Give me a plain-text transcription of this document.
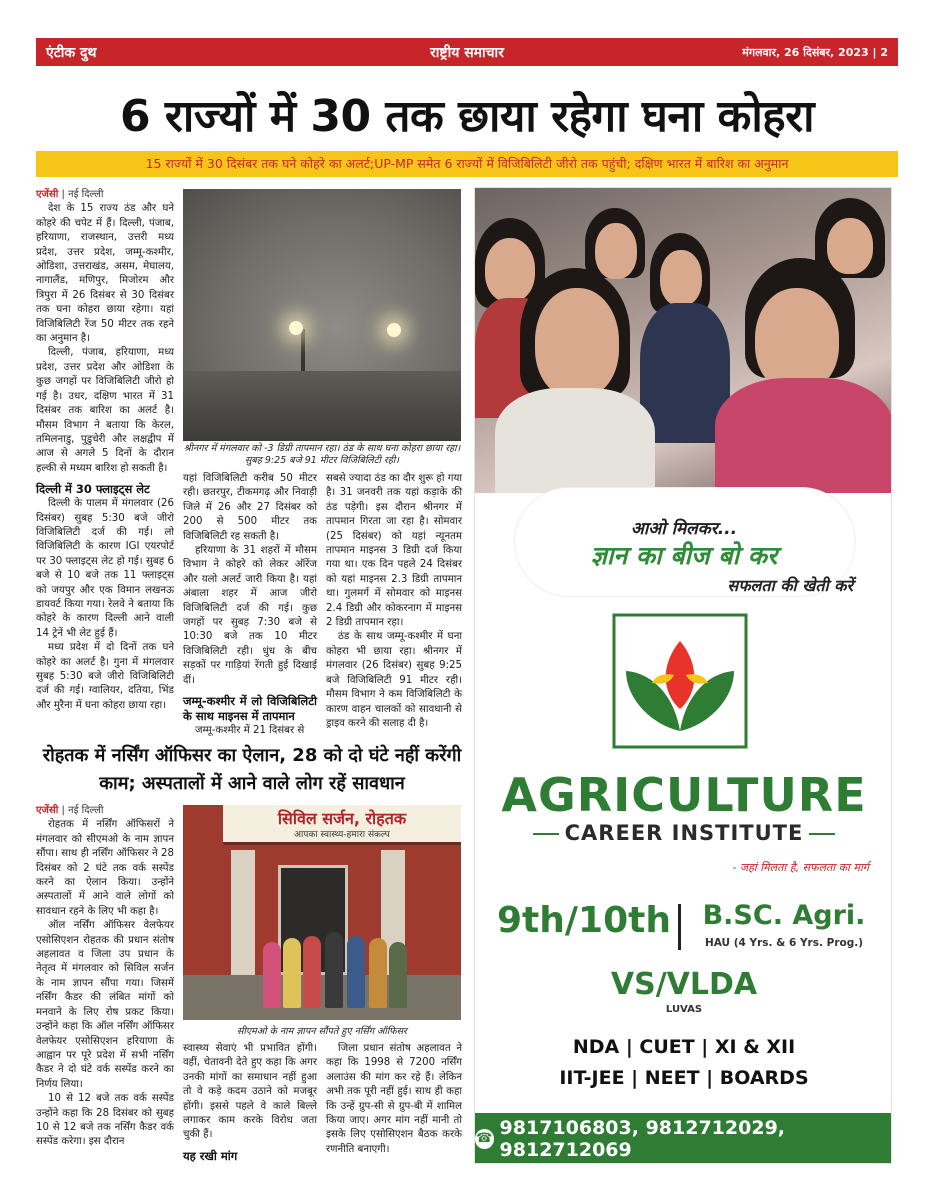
एंटीक दुथ	राष्ट्रीय समाचार	मंगलवार, 26 दिसंबर, 2023 | 2
6 राज्यों में 30 तक छाया रहेगा घना कोहरा
15 राज्यों में 30 दिसंबर तक घने कोहरे का अलर्ट;UP-MP समेत 6 राज्यों में विजिबिलिटी जीरो तक पहुंची; दक्षिण भारत में बारिश का अनुमान

एजेंसी | नई दिल्ली

देश के 15 राज्य ठंड और घने कोहरे की चपेट में हैं। दिल्ली, पंजाब, हरियाणा, राजस्थान, उत्तरी मध्य प्रदेश, उत्तर प्रदेश, जम्मू-कश्मीर, ओडिशा, उत्तराखंड, असम, मेघालय, नागालैंड, मणिपुर, मिजोरम और त्रिपुरा में 26 दिसंबर से 30 दिसंबर तक घना कोहरा छाया रहेगा। यहां विजिबिलिटी रेंज 50 मीटर तक रहने का अनुमान है।

दिल्ली, पंजाब, हरियाणा, मध्य प्रदेश, उत्तर प्रदेश और ओडिशा के कुछ जगहों पर विजिबिलिटी जीरो हो गई है। उधर, दक्षिण भारत में 31 दिसंबर तक बारिश का अलर्ट है। मौसम विभाग ने बताया कि केरल, तमिलनाडु, पुडुचेरी और लक्षद्वीप में आज से अगले 5 दिनों के दौरान हल्की से मध्यम बारिश हो सकती है।

दिल्ली में 30 फ्लाइट्स लेट

दिल्ली के पालम में मंगलवार (26 दिसंबर) सुबह 5:30 बजे जीरो विजिबिलिटी दर्ज की गई। लो विजिबिलिटी के कारण IGI एयरपोर्ट पर 30 फ्लाइट्स लेट हो गई। सुबह 6 बजे से 10 बजे तक 11 फ्लाइट्स को जयपुर और एक विमान लखनऊ डायवर्ट किया गया। रेलवे ने बताया कि कोहरे के कारण दिल्ली आने वाली 14 ट्रेनें भी लेट हुई हैं।

मध्य प्रदेश में दो दिनों तक घने कोहरे का अलर्ट है। गुना में मंगलवार सुबह 5:30 बजे जीरो विजिबिलिटी दर्ज की गई। ग्वालियर, दतिया, भिंड और मुरैना में घना कोहरा छाया रहा।

श्रीनगर में मंगलवार को -3 डिग्री तापमान रहा। ठंड के साथ घना कोहरा छाया रहा। सुबह 9:25 बजे 91 मीटर विजिबिलिटी रही।

यहां विजिबिलिटी करीब 50 मीटर रही। छतरपुर, टीकमगढ़ और निवाड़ी जिले में 26 और 27 दिसंबर को 200 से 500 मीटर तक विजिबिलिटी रह सकती है।

हरियाणा के 31 शहरों में मौसम विभाग ने कोहरे को लेकर ऑरेंज और यलो अलर्ट जारी किया है। यहां अंबाला शहर में आज जीरो विजिबिलिटी दर्ज की गई। कुछ जगहों पर सुबह 7:30 बजे से 10:30 बजे तक 10 मीटर विजिबिलिटी रही। धुंध के बीच सड़कों पर गाड़ियां रेंगती हुई दिखाई दीं।

जम्मू-कश्मीर में लो विजिबिलिटी के साथ माइनस में तापमान

जम्मू-कश्मीर में 21 दिसंबर से

सबसे ज्यादा ठंड का दौर शुरू हो गया है। 31 जनवरी तक यहां कड़ाके की ठंड पड़ेगी। इस दौरान श्रीनगर में तापमान गिरता जा रहा है। सोमवार (25 दिसंबर) को यहां न्यूनतम तापमान माइनस 3 डिग्री दर्ज किया गया था। एक दिन पहले 24 दिसंबर को यहां माइनस 2.3 डिग्री तापमान था। गुलमर्ग में सोमवार को माइनस 2.4 डिग्री और कोकरनाग में माइनस 2 डिग्री तापमान रहा।

ठंड के साथ जम्मू-कश्मीर में घना कोहरा भी छाया रहा। श्रीनगर में मंगलवार (26 दिसंबर) सुबह 9:25 बजे विजिबिलिटी 91 मीटर रही। मौसम विभाग ने कम विजिबिलिटी के कारण वाहन चालकों को सावधानी से ड्राइव करने की सलाह दी है।

रोहतक में नर्सिंग ऑफिसर का ऐलान, 28 को दो घंटे नहीं करेंगी काम; अस्पतालों में आने वाले लोग रहें सावधान

एजेंसी | नई दिल्ली

रोहतक में नर्सिंग ऑफिसरों ने मंगलवार को सीएमओ के नाम ज्ञापन सौंपा। साथ ही नर्सिंग ऑफिसर ने 28 दिसंबर को 2 घंटे तक वर्क सस्पेंड करने का ऐलान किया। उन्होंने अस्पतालों में आने वाले लोगों को सावधान रहने के लिए भी कहा है।

ऑल नर्सिंग ऑफिसर वेलफेयर एसोसिएशन रोहतक की प्रधान संतोष अहलावत व जिला उप प्रधान के नेतृत्व में मंगलवार को सिविल सर्जन के नाम ज्ञापन सौंपा गया। जिसमें नर्सिंग कैडर की लंबित मांगों को मनवाने के लिए रोष प्रकट किया। उन्होंने कहा कि ऑल नर्सिंग ऑफिसर वेलफेयर एसोसिएशन हरियाणा के आह्वान पर पूरे प्रदेश में सभी नर्सिंग कैडर ने दो घंटे वर्क सस्पेंड करने का निर्णय लिया।

10 से 12 बजे तक वर्क सस्पेंड उन्होंने कहा कि 28 दिसंबर को सुबह 10 से 12 बजे तक नर्सिंग कैडर वर्क सस्पेंड करेगा। इस दौरान

सिविल सर्जन, रोहतक
आपका स्वास्थ्य-हमारा संकल्प
सीएमओ के नाम ज्ञापन सौंपते हुए नर्सिंग ऑफिसर

स्वास्थ्य सेवाएं भी प्रभावित होंगी। वहीं, चेतावनी देते हुए कहा कि अगर उनकी मांगों का समाधान नहीं हुआ तो वे कड़े कदम उठाने को मजबूर होंगी। इससे पहले वे काले बिल्ले लगाकर काम करके विरोध जता चुकी हैं।

यह रखी मांग

जिला प्रधान संतोष अहलावत ने कहा कि 1998 से 7200 नर्सिंग अलाउंस की मांग कर रहे हैं। लेकिन अभी तक पूरी नहीं हुई। साथ ही कहा कि उन्हें ग्रुप-सी से ग्रुप-बी में शामिल किया जाए। अगर मांग नहीं मानी तो इसके लिए एसोसिएशन बैठक करके रणनीति बनाएगी।

आओ मिलकर...
ज्ञान का बीज बो कर
सफलता की खेती करें
AGRICULTURE
CAREER INSTITUTE
- जहां मिलता है, सफलता का मार्ग
9th/10th	B.SC. Agri.
HAU (4 Yrs. & 6 Yrs. Prog.)
VS/VLDA
LUVAS
NDA | CUET | XI & XII
IIT-JEE | NEET | BOARDS
☎ 9817106803, 9812712029, 9812712069
